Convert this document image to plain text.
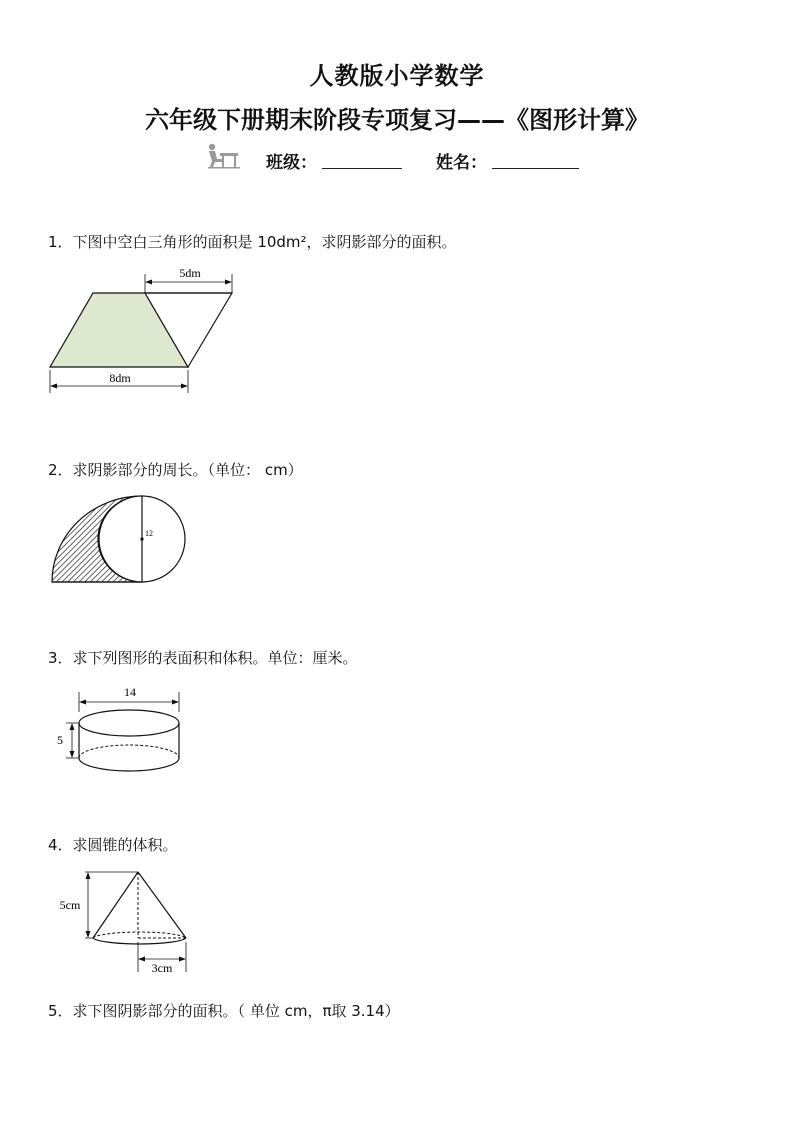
人教版小学数学
六年级下册期末阶段专项复习——《图形计算》
班级：	姓名：
1．下图中空白三角形的面积是 10dm²，求阴影部分的面积。
5dm
8dm
2．求阴影部分的周长。（单位： cm）
12
3．求下列图形的表面积和体积。单位：厘米。
14
5
4．求圆锥的体积。
5cm
3cm
5．求下图阴影部分的面积。（ 单位 cm，π取 3.14）
